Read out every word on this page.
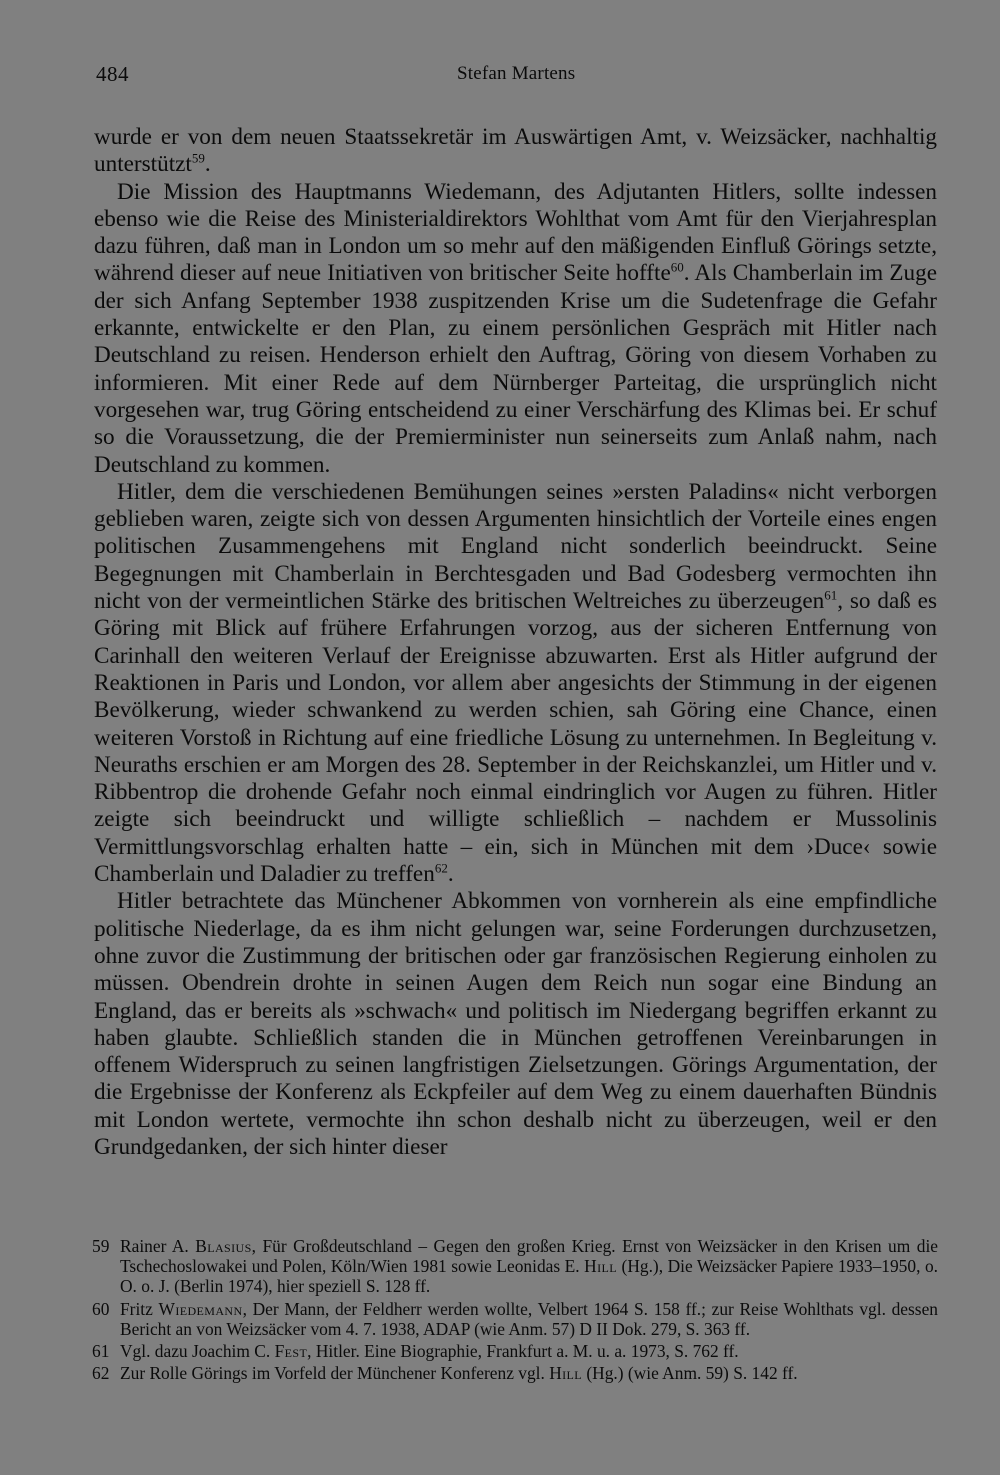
484	Stefan Martens

wurde er von dem neuen Staatssekretär im Auswärtigen Amt, v. Weizsäcker, nachhaltig unterstützt$^{59}$.

Die Mission des Hauptmanns Wiedemann, des Adjutanten Hitlers, sollte indessen ebenso wie die Reise des Ministerialdirektors Wohlthat vom Amt für den Vierjahresplan dazu führen, daß man in London um so mehr auf den mäßigenden Einfluß Görings setzte, während dieser auf neue Initiativen von britischer Seite hoffte$^{60}$. Als Chamberlain im Zuge der sich Anfang September 1938 zuspitzenden Krise um die Sudetenfrage die Gefahr erkannte, entwickelte er den Plan, zu einem persönlichen Gespräch mit Hitler nach Deutschland zu reisen. Henderson erhielt den Auftrag, Göring von diesem Vorhaben zu informieren. Mit einer Rede auf dem Nürnberger Parteitag, die ursprünglich nicht vorgesehen war, trug Göring entscheidend zu einer Verschärfung des Klimas bei. Er schuf so die Voraussetzung, die der Premierminister nun seinerseits zum Anlaß nahm, nach Deutschland zu kommen.

Hitler, dem die verschiedenen Bemühungen seines »ersten Paladins« nicht verborgen geblieben waren, zeigte sich von dessen Argumenten hinsichtlich der Vorteile eines engen politischen Zusammengehens mit England nicht sonderlich beeindruckt. Seine Begegnungen mit Chamberlain in Berchtesgaden und Bad Godesberg vermochten ihn nicht von der vermeintlichen Stärke des britischen Weltreiches zu überzeugen$^{61}$, so daß es Göring mit Blick auf frühere Erfahrungen vorzog, aus der sicheren Entfernung von Carinhall den weiteren Verlauf der Ereignisse abzuwarten. Erst als Hitler aufgrund der Reaktionen in Paris und London, vor allem aber angesichts der Stimmung in der eigenen Bevölkerung, wieder schwankend zu werden schien, sah Göring eine Chance, einen weiteren Vorstoß in Richtung auf eine friedliche Lösung zu unternehmen. In Begleitung v. Neuraths erschien er am Morgen des 28. September in der Reichskanzlei, um Hitler und v. Ribbentrop die drohende Gefahr noch einmal eindringlich vor Augen zu führen. Hitler zeigte sich beeindruckt und willigte schließlich – nachdem er Mussolinis Vermittlungsvorschlag erhalten hatte – ein, sich in München mit dem ›Duce‹ sowie Chamberlain und Daladier zu treffen$^{62}$.

Hitler betrachtete das Münchener Abkommen von vornherein als eine empfindliche politische Niederlage, da es ihm nicht gelungen war, seine Forderungen durchzusetzen, ohne zuvor die Zustimmung der britischen oder gar französischen Regierung einholen zu müssen. Obendrein drohte in seinen Augen dem Reich nun sogar eine Bindung an England, das er bereits als »schwach« und politisch im Niedergang begriffen erkannt zu haben glaubte. Schließlich standen die in München getroffenen Vereinbarungen in offenem Widerspruch zu seinen langfristigen Zielsetzungen. Görings Argumentation, der die Ergebnisse der Konferenz als Eckpfeiler auf dem Weg zu einem dauerhaften Bündnis mit London wertete, vermochte ihn schon deshalb nicht zu überzeugen, weil er den Grundgedanken, der sich hinter dieser

59 Rainer A. Blasius, Für Großdeutschland – Gegen den großen Krieg. Ernst von Weizsäcker in den Krisen um die Tschechoslowakei und Polen, Köln/Wien 1981 sowie Leonidas E. Hill (Hg.), Die Weizsäcker Papiere 1933–1950, o. O. o. J. (Berlin 1974), hier speziell S. 128 ff.
60 Fritz Wiedemann, Der Mann, der Feldherr werden wollte, Velbert 1964 S. 158 ff.; zur Reise Wohlthats vgl. dessen Bericht an von Weizsäcker vom 4. 7. 1938, ADAP (wie Anm. 57) D II Dok. 279, S. 363 ff.
61 Vgl. dazu Joachim C. Fest, Hitler. Eine Biographie, Frankfurt a. M. u. a. 1973, S. 762 ff.
62 Zur Rolle Görings im Vorfeld der Münchener Konferenz vgl. Hill (Hg.) (wie Anm. 59) S. 142 ff.
